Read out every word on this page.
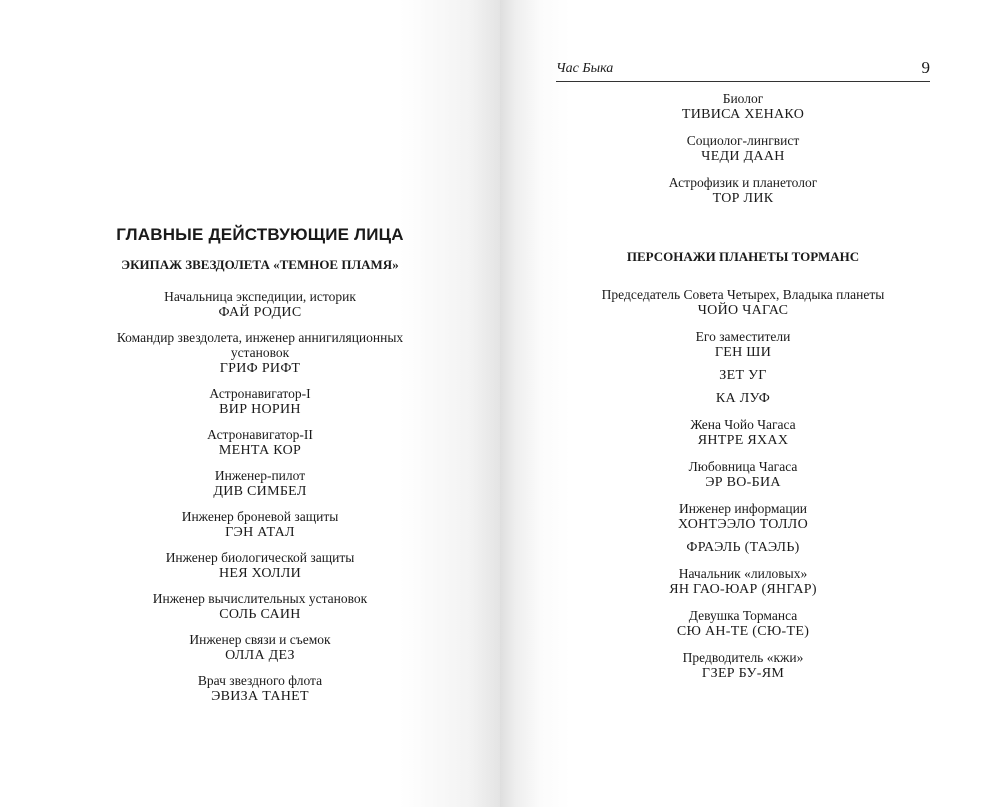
ГЛАВНЫЕ ДЕЙСТВУЮЩИЕ ЛИЦА
ЭКИПАЖ ЗВЕЗДОЛЕТА «ТЕМНОЕ ПЛАМЯ»
Начальница экспедиции, историк
ФАЙ РОДИС
Командир звездолета, инженер аннигиляционных установок
ГРИФ РИФТ
Астронавигатор-I
ВИР НОРИН
Астронавигатор-II
МЕНТА КОР
Инженер-пилот
ДИВ СИМБЕЛ
Инженер броневой защиты
ГЭН АТАЛ
Инженер биологической защиты
НЕЯ ХОЛЛИ
Инженер вычислительных установок
СОЛЬ САИН
Инженер связи и съемок
ОЛЛА ДЕЗ
Врач звездного флота
ЭВИЗА ТАНЕТ
Час Быка	9
Биолог
ТИВИСА ХЕНАКО
Социолог-лингвист
ЧЕДИ ДААН
Астрофизик и планетолог
ТОР ЛИК
ПЕРСОНАЖИ ПЛАНЕТЫ ТОРМАНС
Председатель Совета Четырех, Владыка планеты
ЧОЙО ЧАГАС
Его заместители
ГЕН ШИ
ЗЕТ УГ
КА ЛУФ
Жена Чойо Чагаса
ЯНТРЕ ЯХАХ
Любовница Чагаса
ЭР ВО-БИА
Инженер информации
ХОНТЭЭЛО ТОЛЛО
ФРАЭЛЬ (ТАЭЛЬ)
Начальник «лиловых»
ЯН ГАО-ЮАР (ЯНГАР)
Девушка Торманса
СЮ АН-ТЕ (СЮ-ТЕ)
Предводитель «кжи»
ГЗЕР БУ-ЯМ
